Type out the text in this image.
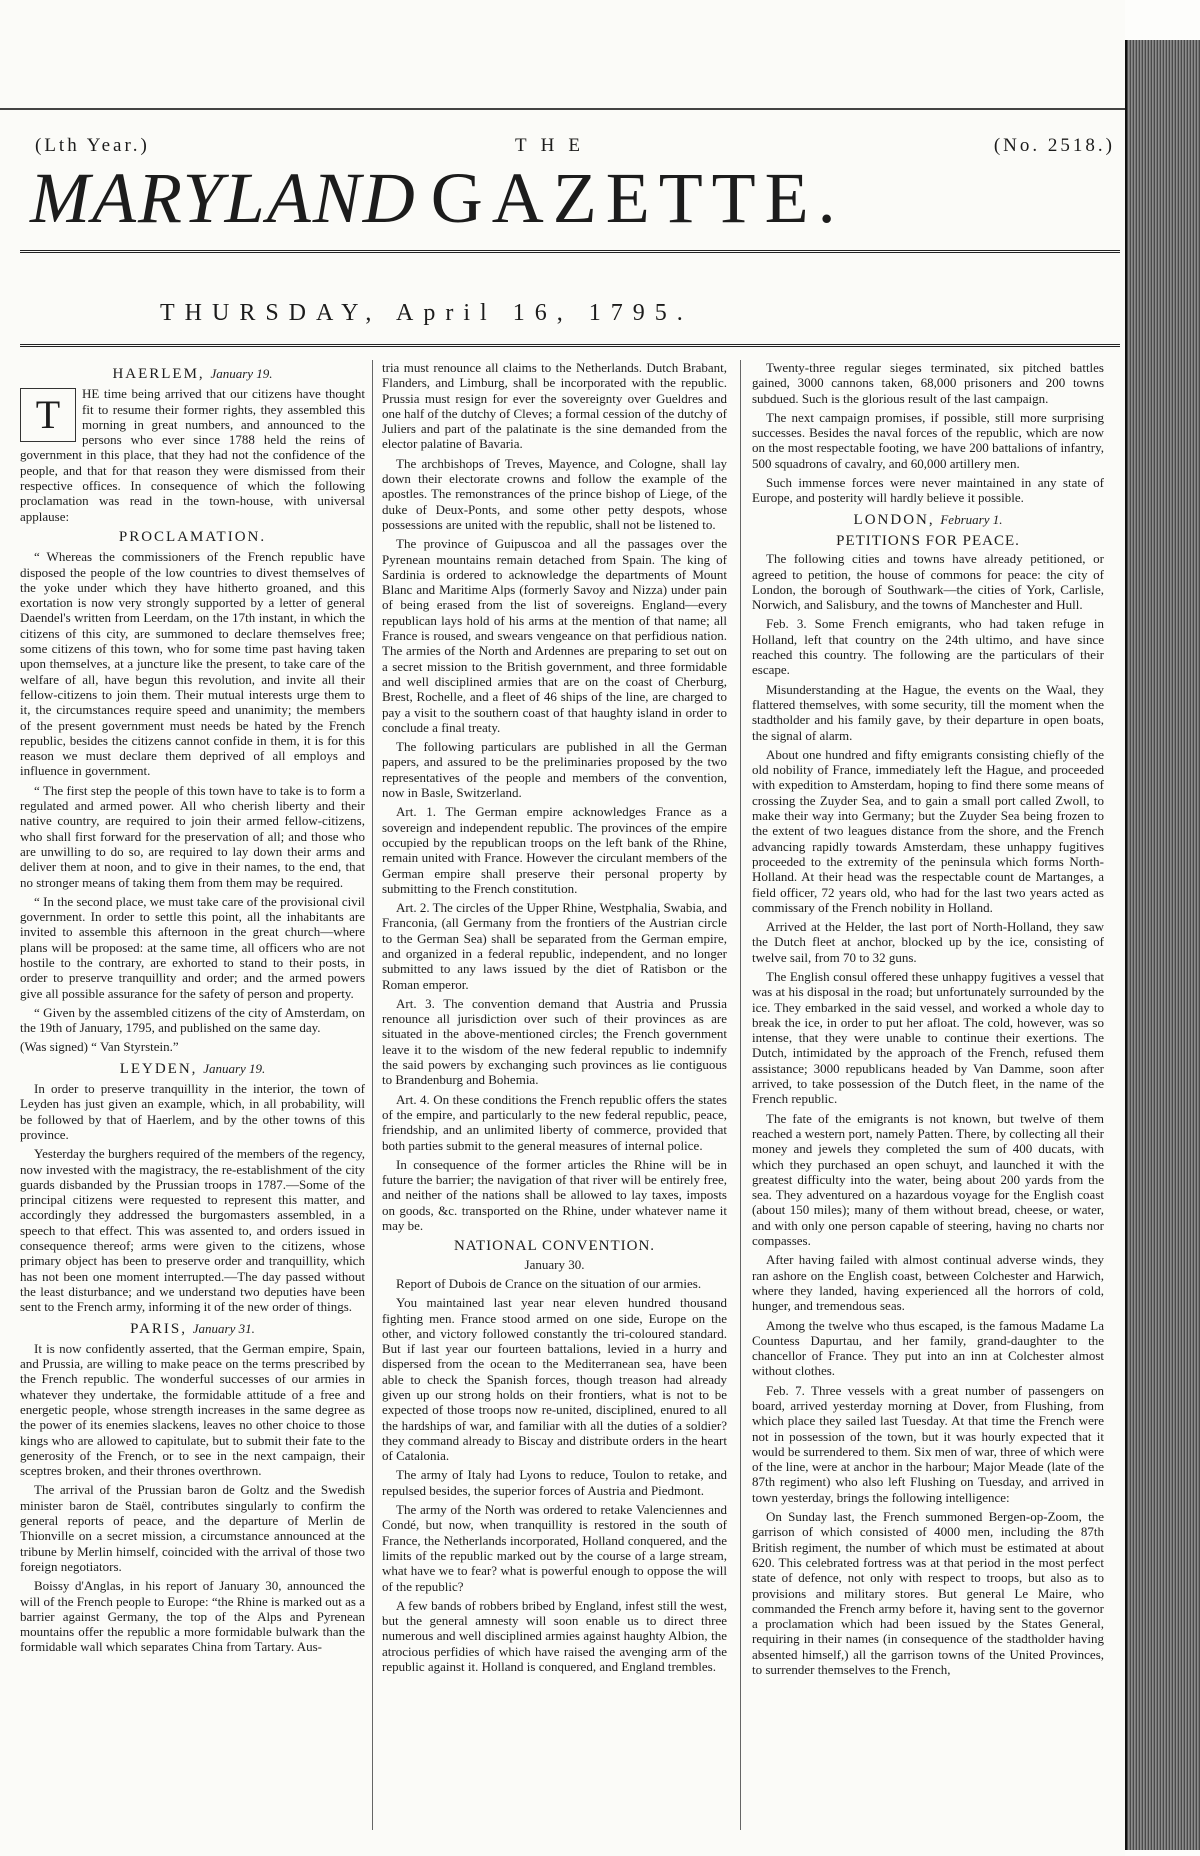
(Lth Year.)	THE	(No. 2518.)
MARYLAND GAZETTE.
THURSDAY, April 16, 1795.
HAERLEM, January 19.
T	HE time being arrived that our citizens have thought fit to resume their former rights, they assembled this morning in great numbers, and announced to the persons who ever since 1788 held the reins of government in this place, that they had not the confidence of the people, and that for that reason they were dismissed from their respective offices. In consequence of which the following proclamation was read in the town-house, with universal applause:

PROCLAMATION.

“ Whereas the commissioners of the French republic have disposed the people of the low countries to divest themselves of the yoke under which they have hitherto groaned, and this exortation is now very strongly supported by a letter of general Daendel's written from Leerdam, on the 17th instant, in which the citizens of this city, are summoned to declare themselves free; some citizens of this town, who for some time past having taken upon themselves, at a juncture like the present, to take care of the welfare of all, have begun this revolution, and invite all their fellow-citizens to join them. Their mutual interests urge them to it, the circumstances require speed and unanimity; the members of the present government must needs be hated by the French republic, besides the citizens cannot confide in them, it is for this reason we must declare them deprived of all employs and influence in government.

“ The first step the people of this town have to take is to form a regulated and armed power. All who cherish liberty and their native country, are required to join their armed fellow-citizens, who shall first forward for the preservation of all; and those who are unwilling to do so, are required to lay down their arms and deliver them at noon, and to give in their names, to the end, that no stronger means of taking them from them may be required.

“ In the second place, we must take care of the provisional civil government. In order to settle this point, all the inhabitants are invited to assemble this afternoon in the great church—where plans will be proposed: at the same time, all officers who are not hostile to the contrary, are exhorted to stand to their posts, in order to preserve tranquillity and order; and the armed powers give all possible assurance for the safety of person and property.

“ Given by the assembled citizens of the city of Amsterdam, on the 19th of January, 1795, and published on the same day.

(Was signed) “ Van Styrstein.”

LEYDEN, January 19.

In order to preserve tranquillity in the interior, the town of Leyden has just given an example, which, in all probability, will be followed by that of Haerlem, and by the other towns of this province.

Yesterday the burghers required of the members of the regency, now invested with the magistracy, the re-establishment of the city guards disbanded by the Prussian troops in 1787.—Some of the principal citizens were requested to represent this matter, and accordingly they addressed the burgomasters assembled, in a speech to that effect. This was assented to, and orders issued in consequence thereof; arms were given to the citizens, whose primary object has been to preserve order and tranquillity, which has not been one moment interrupted.—The day passed without the least disturbance; and we understand two deputies have been sent to the French army, informing it of the new order of things.

PARIS, January 31.

It is now confidently asserted, that the German empire, Spain, and Prussia, are willing to make peace on the terms prescribed by the French republic. The wonderful successes of our armies in whatever they undertake, the formidable attitude of a free and energetic people, whose strength increases in the same degree as the power of its enemies slackens, leaves no other choice to those kings who are allowed to capitulate, but to submit their fate to the generosity of the French, or to see in the next campaign, their sceptres broken, and their thrones overthrown.

The arrival of the Prussian baron de Goltz and the Swedish minister baron de Staël, contributes singularly to confirm the general reports of peace, and the departure of Merlin de Thionville on a secret mission, a circumstance announced at the tribune by Merlin himself, coincided with the arrival of those two foreign negotiators.

Boissy d'Anglas, in his report of January 30, announced the will of the French people to Europe: “the Rhine is marked out as a barrier against Germany, the top of the Alps and Pyrenean mountains offer the republic a more formidable bulwark than the formidable wall which separates China from Tartary. Aus-

tria must renounce all claims to the Netherlands. Dutch Brabant, Flanders, and Limburg, shall be incorporated with the republic. Prussia must resign for ever the sovereignty over Gueldres and one half of the dutchy of Cleves; a formal cession of the dutchy of Juliers and part of the palatinate is the sine demanded from the elector palatine of Bavaria.

The archbishops of Treves, Mayence, and Cologne, shall lay down their electorate crowns and follow the example of the apostles. The remonstrances of the prince bishop of Liege, of the duke of Deux-Ponts, and some other petty despots, whose possessions are united with the republic, shall not be listened to.

The province of Guipuscoa and all the passages over the Pyrenean mountains remain detached from Spain. The king of Sardinia is ordered to acknowledge the departments of Mount Blanc and Maritime Alps (formerly Savoy and Nizza) under pain of being erased from the list of sovereigns. England—every republican lays hold of his arms at the mention of that name; all France is roused, and swears vengeance on that perfidious nation. The armies of the North and Ardennes are preparing to set out on a secret mission to the British government, and three formidable and well disciplined armies that are on the coast of Cherburg, Brest, Rochelle, and a fleet of 46 ships of the line, are charged to pay a visit to the southern coast of that haughty island in order to conclude a final treaty.

The following particulars are published in all the German papers, and assured to be the preliminaries proposed by the two representatives of the people and members of the convention, now in Basle, Switzerland.

Art. 1. The German empire acknowledges France as a sovereign and independent republic. The provinces of the empire occupied by the republican troops on the left bank of the Rhine, remain united with France. However the circulant members of the German empire shall preserve their personal property by submitting to the French constitution.

Art. 2. The circles of the Upper Rhine, Westphalia, Swabia, and Franconia, (all Germany from the frontiers of the Austrian circle to the German Sea) shall be separated from the German empire, and organized in a federal republic, independent, and no longer submitted to any laws issued by the diet of Ratisbon or the Roman emperor.

Art. 3. The convention demand that Austria and Prussia renounce all jurisdiction over such of their provinces as are situated in the above-mentioned circles; the French government leave it to the wisdom of the new federal republic to indemnify the said powers by exchanging such provinces as lie contiguous to Brandenburg and Bohemia.

Art. 4. On these conditions the French republic offers the states of the empire, and particularly to the new federal republic, peace, friendship, and an unlimited liberty of commerce, provided that both parties submit to the general measures of internal police.

In consequence of the former articles the Rhine will be in future the barrier; the navigation of that river will be entirely free, and neither of the nations shall be allowed to lay taxes, imposts on goods, &c. transported on the Rhine, under whatever name it may be.

NATIONAL CONVENTION.
January 30.

Report of Dubois de Crance on the situation of our armies.

You maintained last year near eleven hundred thousand fighting men. France stood armed on one side, Europe on the other, and victory followed constantly the tri-coloured standard. But if last year our fourteen battalions, levied in a hurry and dispersed from the ocean to the Mediterranean sea, have been able to check the Spanish forces, though treason had already given up our strong holds on their frontiers, what is not to be expected of those troops now re-united, disciplined, enured to all the hardships of war, and familiar with all the duties of a soldier? they command already to Biscay and distribute orders in the heart of Catalonia.

The army of Italy had Lyons to reduce, Toulon to retake, and repulsed besides, the superior forces of Austria and Piedmont.

The army of the North was ordered to retake Valenciennes and Condé, but now, when tranquillity is restored in the south of France, the Netherlands incorporated, Holland conquered, and the limits of the republic marked out by the course of a large stream, what have we to fear? what is powerful enough to oppose the will of the republic?

A few bands of robbers bribed by England, infest still the west, but the general amnesty will soon enable us to direct three numerous and well disciplined armies against haughty Albion, the atrocious perfidies of which have raised the avenging arm of the republic against it. Holland is conquered, and England trembles.

Twenty-three regular sieges terminated, six pitched battles gained, 3000 cannons taken, 68,000 prisoners and 200 towns subdued. Such is the glorious result of the last campaign.

The next campaign promises, if possible, still more surprising successes. Besides the naval forces of the republic, which are now on the most respectable footing, we have 200 battalions of infantry, 500 squadrons of cavalry, and 60,000 artillery men.

Such immense forces were never maintained in any state of Europe, and posterity will hardly believe it possible.

LONDON, February 1.
PETITIONS FOR PEACE.

The following cities and towns have already petitioned, or agreed to petition, the house of commons for peace: the city of London, the borough of Southwark—the cities of York, Carlisle, Norwich, and Salisbury, and the towns of Manchester and Hull.

Feb. 3. Some French emigrants, who had taken refuge in Holland, left that country on the 24th ultimo, and have since reached this country. The following are the particulars of their escape.

Misunderstanding at the Hague, the events on the Waal, they flattered themselves, with some security, till the moment when the stadtholder and his family gave, by their departure in open boats, the signal of alarm.

About one hundred and fifty emigrants consisting chiefly of the old nobility of France, immediately left the Hague, and proceeded with expedition to Amsterdam, hoping to find there some means of crossing the Zuyder Sea, and to gain a small port called Zwoll, to make their way into Germany; but the Zuyder Sea being frozen to the extent of two leagues distance from the shore, and the French advancing rapidly towards Amsterdam, these unhappy fugitives proceeded to the extremity of the peninsula which forms North-Holland. At their head was the respectable count de Martanges, a field officer, 72 years old, who had for the last two years acted as commissary of the French nobility in Holland.

Arrived at the Helder, the last port of North-Holland, they saw the Dutch fleet at anchor, blocked up by the ice, consisting of twelve sail, from 70 to 32 guns.

The English consul offered these unhappy fugitives a vessel that was at his disposal in the road; but unfortunately surrounded by the ice. They embarked in the said vessel, and worked a whole day to break the ice, in order to put her afloat. The cold, however, was so intense, that they were unable to continue their exertions. The Dutch, intimidated by the approach of the French, refused them assistance; 3000 republicans headed by Van Damme, soon after arrived, to take possession of the Dutch fleet, in the name of the French republic.

The fate of the emigrants is not known, but twelve of them reached a western port, namely Patten. There, by collecting all their money and jewels they completed the sum of 400 ducats, with which they purchased an open schuyt, and launched it with the greatest difficulty into the water, being about 200 yards from the sea. They adventured on a hazardous voyage for the English coast (about 150 miles); many of them without bread, cheese, or water, and with only one person capable of steering, having no charts nor compasses.

After having failed with almost continual adverse winds, they ran ashore on the English coast, between Colchester and Harwich, where they landed, having experienced all the horrors of cold, hunger, and tremendous seas.

Among the twelve who thus escaped, is the famous Madame La Countess Dapurtau, and her family, grand-daughter to the chancellor of France. They put into an inn at Colchester almost without clothes.

Feb. 7. Three vessels with a great number of passengers on board, arrived yesterday morning at Dover, from Flushing, from which place they sailed last Tuesday. At that time the French were not in possession of the town, but it was hourly expected that it would be surrendered to them. Six men of war, three of which were of the line, were at anchor in the harbour; Major Meade (late of the 87th regiment) who also left Flushing on Tuesday, and arrived in town yesterday, brings the following intelligence:

On Sunday last, the French summoned Bergen-op-Zoom, the garrison of which consisted of 4000 men, including the 87th British regiment, the number of which must be estimated at about 620. This celebrated fortress was at that period in the most perfect state of defence, not only with respect to troops, but also as to provisions and military stores. But general Le Maire, who commanded the French army before it, having sent to the governor a proclamation which had been issued by the States General, requiring in their names (in consequence of the stadtholder having absented himself,) all the garrison towns of the United Provinces, to surrender themselves to the French,
